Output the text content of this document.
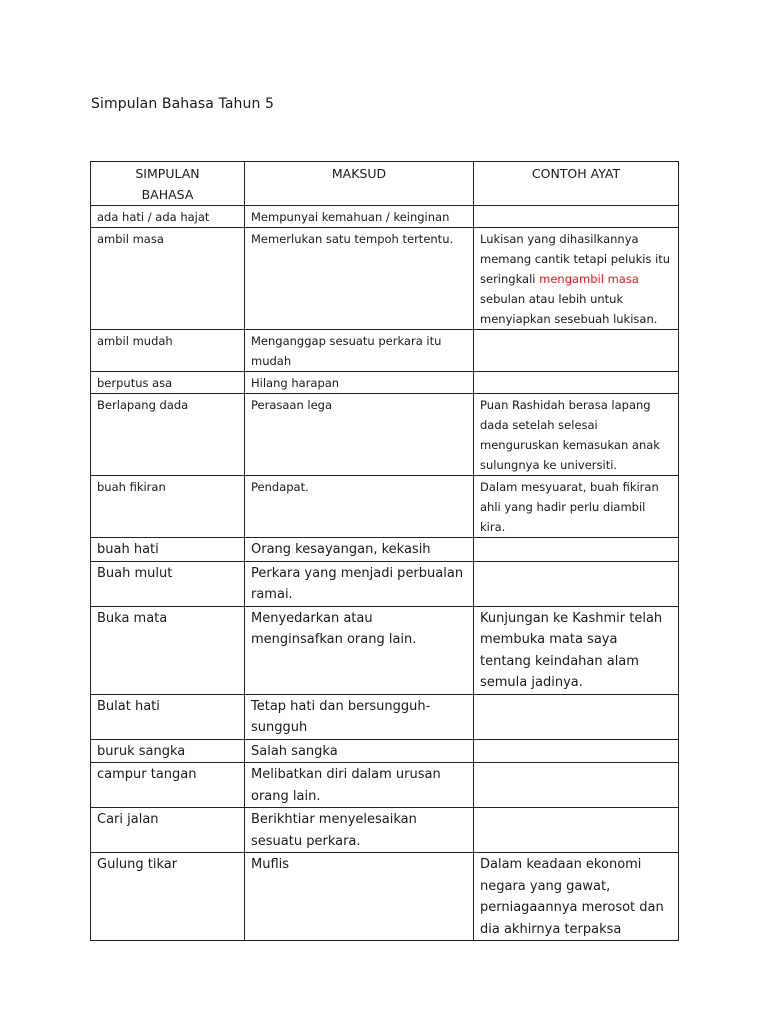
Simpulan Bahasa Tahun 5
SIMPULAN BAHASA	MAKSUD	CONTOH AYAT
ada hati / ada hajat	Mempunyai kemahuan / keinginan	
ambil masa	Memerlukan satu tempoh tertentu.	Lukisan yang dihasilkannya memang cantik tetapi pelukis itu seringkali mengambil masa sebulan atau lebih untuk menyiapkan sesebuah lukisan.
ambil mudah	Menganggap sesuatu perkara itu mudah	
berputus asa	Hilang harapan	
Berlapang dada	Perasaan lega	Puan Rashidah berasa lapang dada setelah selesai menguruskan kemasukan anak sulungnya ke universiti.
buah fikiran	Pendapat.	Dalam mesyuarat, buah fikiran ahli yang hadir perlu diambil kira.
buah hati	Orang kesayangan, kekasih	
Buah mulut	Perkara yang menjadi perbualan ramai.	
Buka mata	Menyedarkan atau menginsafkan orang lain.	Kunjungan ke Kashmir telah membuka mata saya tentang keindahan alam semula jadinya.
Bulat hati	Tetap hati dan bersungguh-sungguh	
buruk sangka	Salah sangka	
campur tangan	Melibatkan diri dalam urusan orang lain.	
Cari jalan	Berikhtiar menyelesaikan sesuatu perkara.	
Gulung tikar	Muflis	Dalam keadaan ekonomi negara yang gawat, perniagaannya merosot dan dia akhirnya terpaksa
